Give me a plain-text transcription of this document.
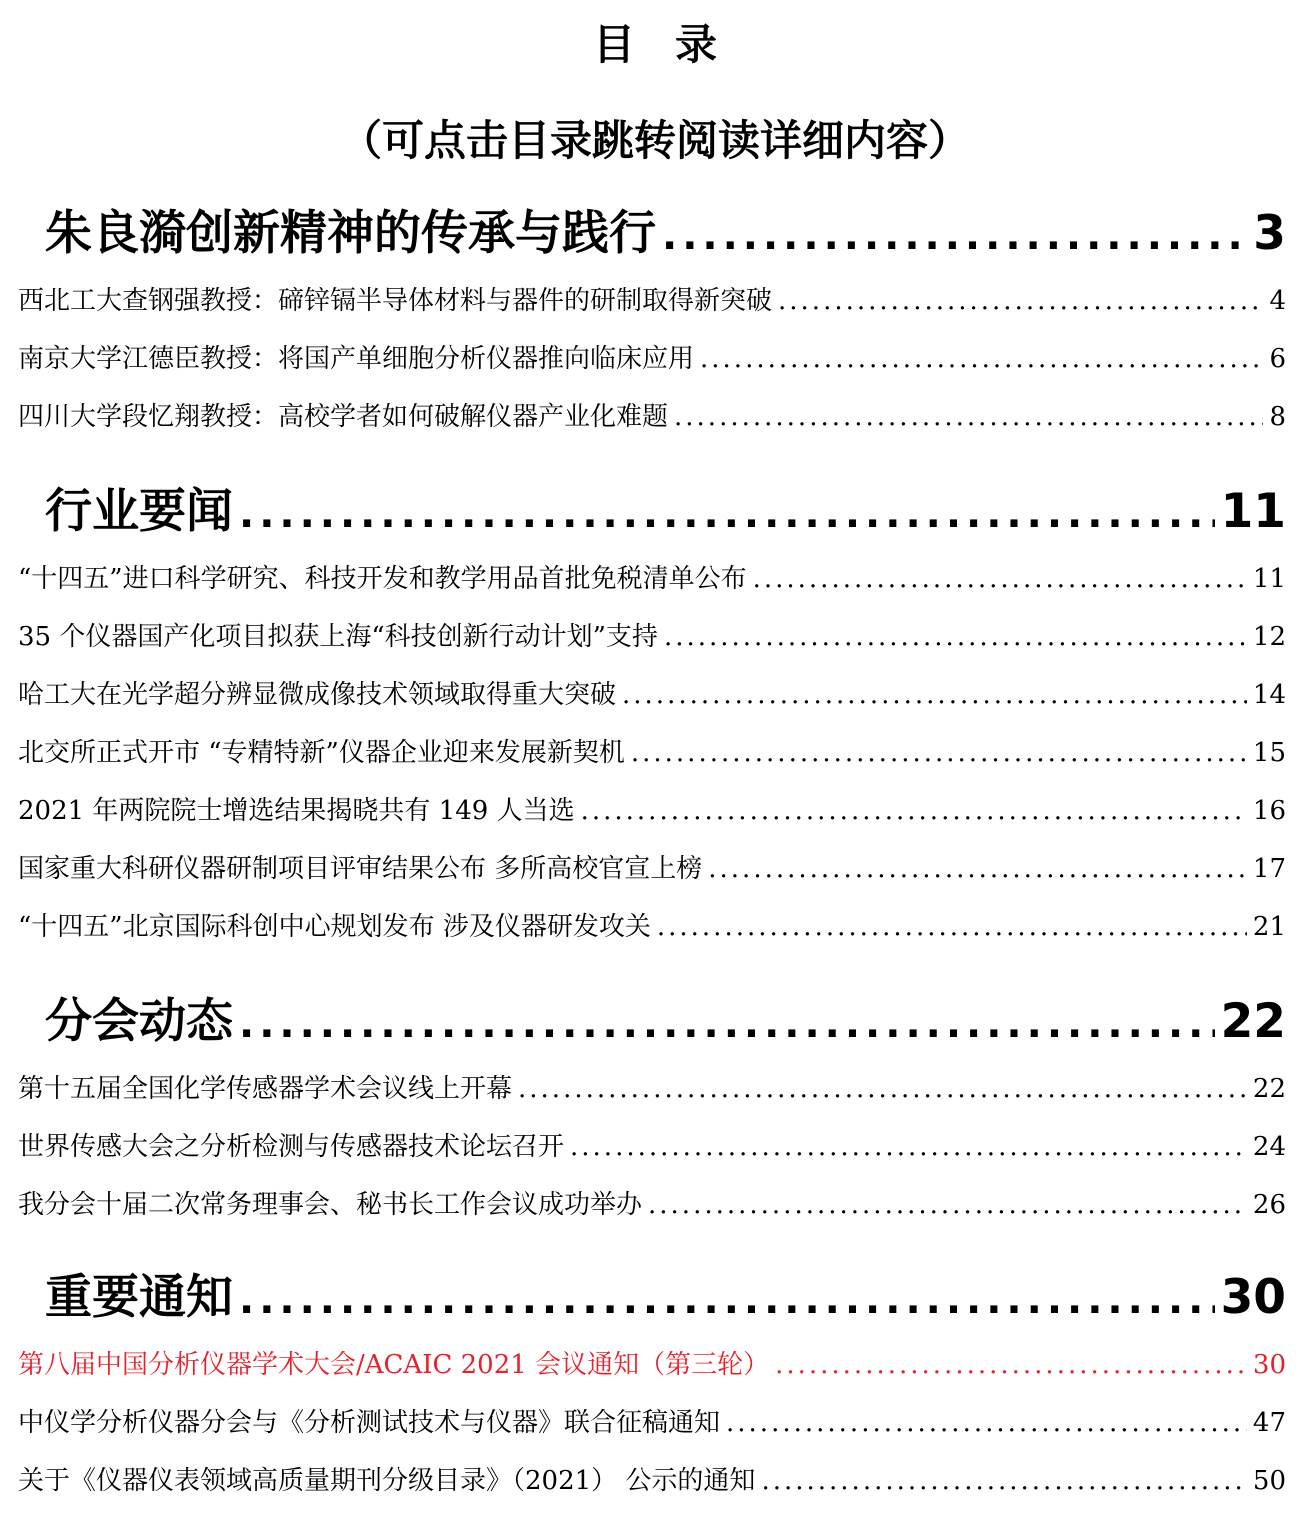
目录
（可点击目录跳转阅读详细内容）
朱良漪创新精神的传承与践行 .....	3
西北工大查钢强教授：碲锌镉半导体材料与器件的研制取得新突破 .....	4
南京大学江德臣教授：将国产单细胞分析仪器推向临床应用 .....	6
四川大学段忆翔教授：高校学者如何破解仪器产业化难题 .....	8
行业要闻 .....	11
“十四五”进口科学研究、科技开发和教学用品首批免税清单公布 .....	11
35 个仪器国产化项目拟获上海“科技创新行动计划”支持 .....	12
哈工大在光学超分辨显微成像技术领域取得重大突破 .....	14
北交所正式开市 “专精特新”仪器企业迎来发展新契机 .....	15
2021 年两院院士增选结果揭晓共有 149 人当选 .....	16
国家重大科研仪器研制项目评审结果公布 多所高校官宣上榜 .....	17
“十四五”北京国际科创中心规划发布 涉及仪器研发攻关 .....	21
分会动态 .....	22
第十五届全国化学传感器学术会议线上开幕 .....	22
世界传感大会之分析检测与传感器技术论坛召开 .....	24
我分会十届二次常务理事会、秘书长工作会议成功举办 .....	26
重要通知 .....	30
第八届中国分析仪器学术大会/ACAIC 2021 会议通知（第三轮） .....	30
中仪学分析仪器分会与《分析测试技术与仪器》联合征稿通知 .....	47
关于《仪器仪表领域高质量期刊分级目录》（2021） 公示的通知 .....	50
